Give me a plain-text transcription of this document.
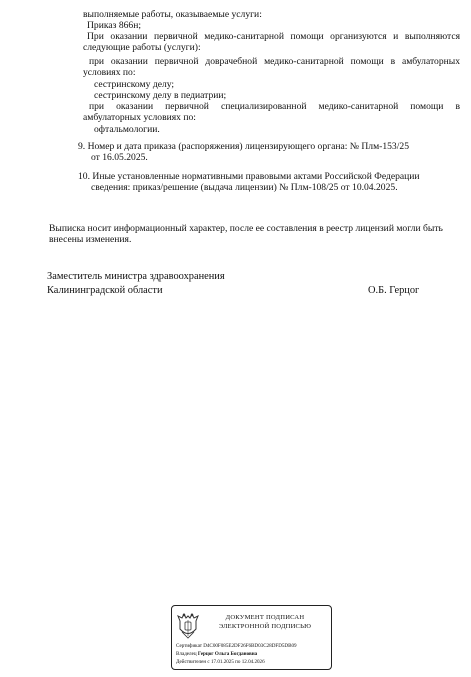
выполняемые работы, оказываемые услуги:
Приказ 866н;
При оказании первичной медико-санитарной помощи организуются и выполняются
следующие работы (услуги):
при оказании первичной доврачебной медико-санитарной помощи в амбулаторных
условиях по:
сестринскому делу;
сестринскому делу в педиатрии;
при оказании первичной специализированной медико-санитарной помощи в
амбулаторных условиях по:
офтальмологии.
9. Номер и дата приказа (распоряжения) лицензирующего органа: № Плм-153/25
от 16.05.2025.
10. Иные установленные нормативными правовыми актами Российской Федерации
сведения: приказ/решение (выдача лицензии) № Плм-108/25 от 10.04.2025.
Выписка носит информационный характер, после ее составления в реестр лицензий могли быть
внесены изменения.
Заместитель министра здравоохранения
Калининградской области	О.Б. Герцог
ДОКУМЕНТ ПОДПИСАН
ЭЛЕКТРОННОЙ ПОДПИСЬЮ
Сертификат D4C00F085E2DF26F6BD03C28DFD5DB09
Владелец Герцог Ольга Богдановна
Действителен с 17.01.2025 по 12.04.2026
